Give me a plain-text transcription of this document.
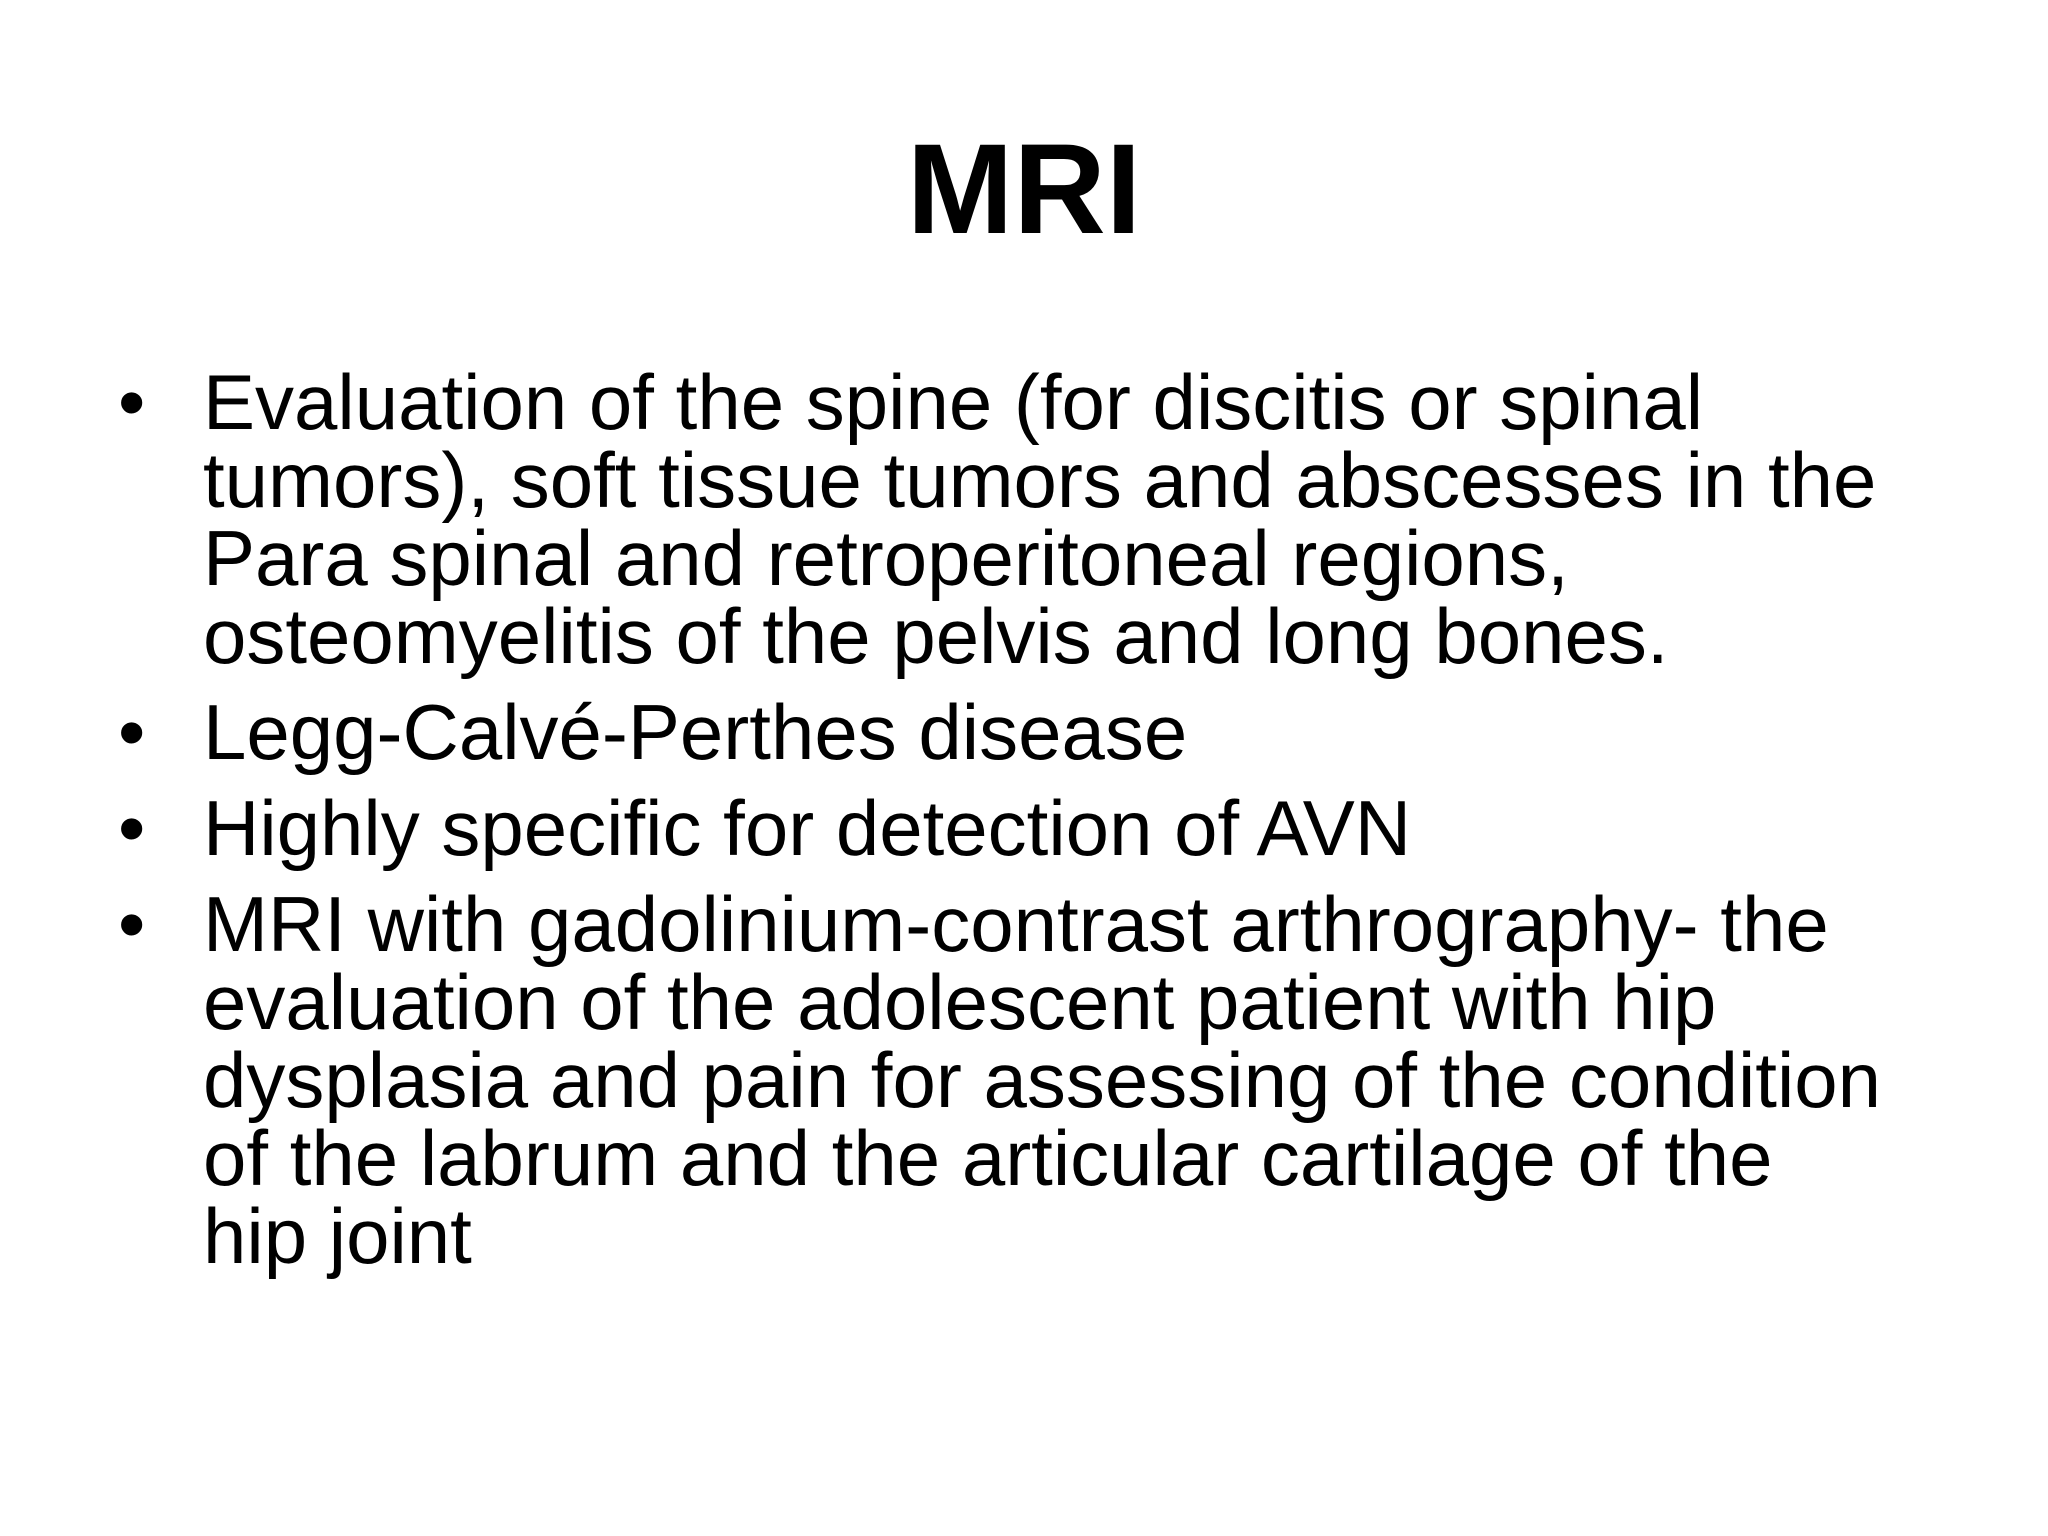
MRI
• Evaluation of the spine (for discitis or spinal
tumors), soft tissue tumors and abscesses in the
Para spinal and retroperitoneal regions,
osteomyelitis of the pelvis and long bones.
• Legg-Calvé-Perthes disease
• Highly specific for detection of AVN
• MRI with gadolinium-contrast arthrography- the
evaluation of the adolescent patient with hip
dysplasia and pain for assessing of the condition
of the labrum and the articular cartilage of the
hip joint
